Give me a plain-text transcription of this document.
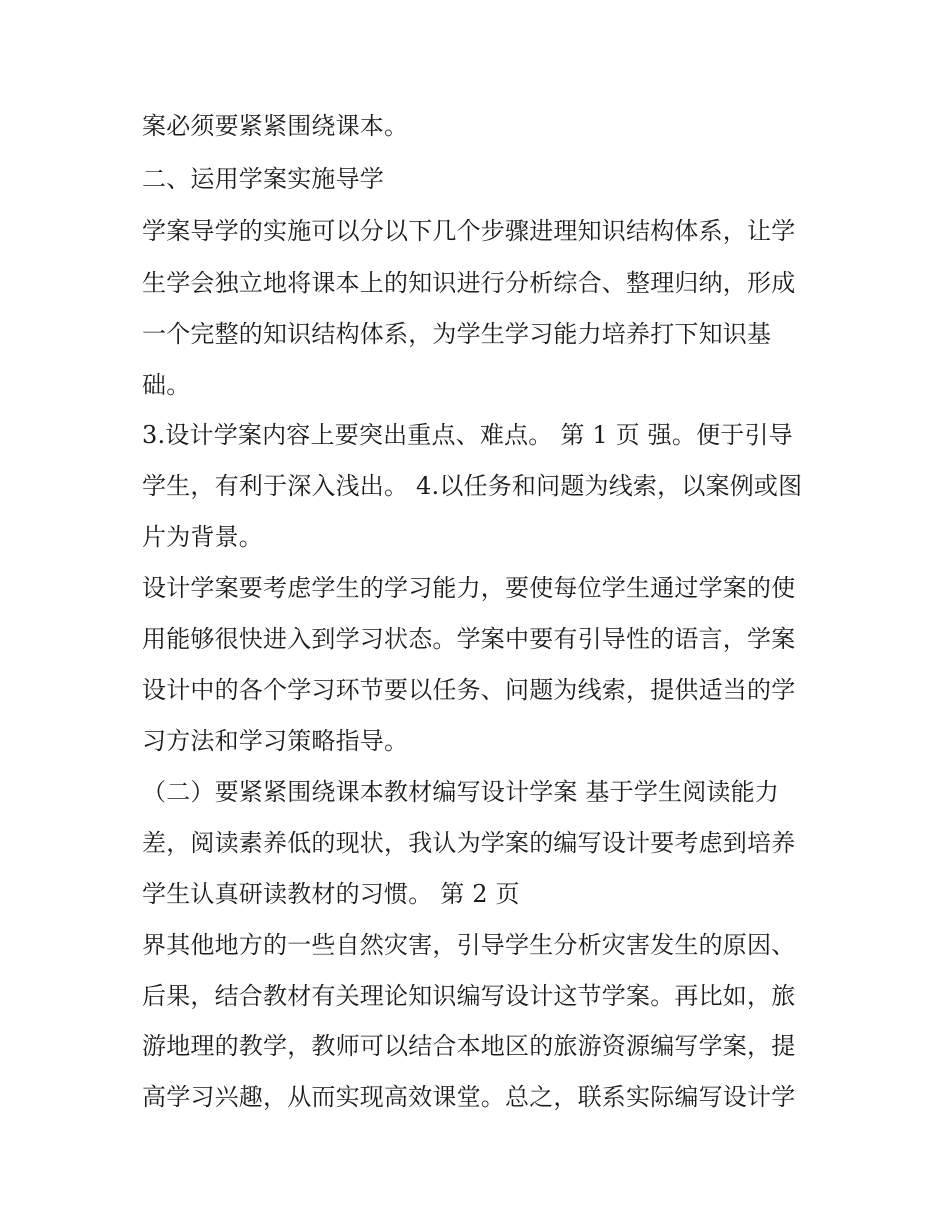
案必须要紧紧围绕课本。

二、运用学案实施导学

学案导学的实施可以分以下几个步骤进理知识结构体系，让学

生学会独立地将课本上的知识进行分析综合、整理归纳，形成

一个完整的知识结构体系，为学生学习能力培养打下知识基

础。

3.设计学案内容上要突出重点、难点。 第 1 页 强。便于引导

学生，有利于深入浅出。 4.以任务和问题为线索，以案例或图

片为背景。

设计学案要考虑学生的学习能力，要使每位学生通过学案的使

用能够很快进入到学习状态。学案中要有引导性的语言，学案

设计中的各个学习环节要以任务、问题为线索，提供适当的学

习方法和学习策略指导。

（二）要紧紧围绕课本教材编写设计学案 基于学生阅读能力

差，阅读素养低的现状，我认为学案的编写设计要考虑到培养

学生认真研读教材的习惯。 第 2 页

界其他地方的一些自然灾害，引导学生分析灾害发生的原因、

后果，结合教材有关理论知识编写设计这节学案。再比如，旅

游地理的教学，教师可以结合本地区的旅游资源编写学案，提

高学习兴趣，从而实现高效课堂。总之，联系实际编写设计学
